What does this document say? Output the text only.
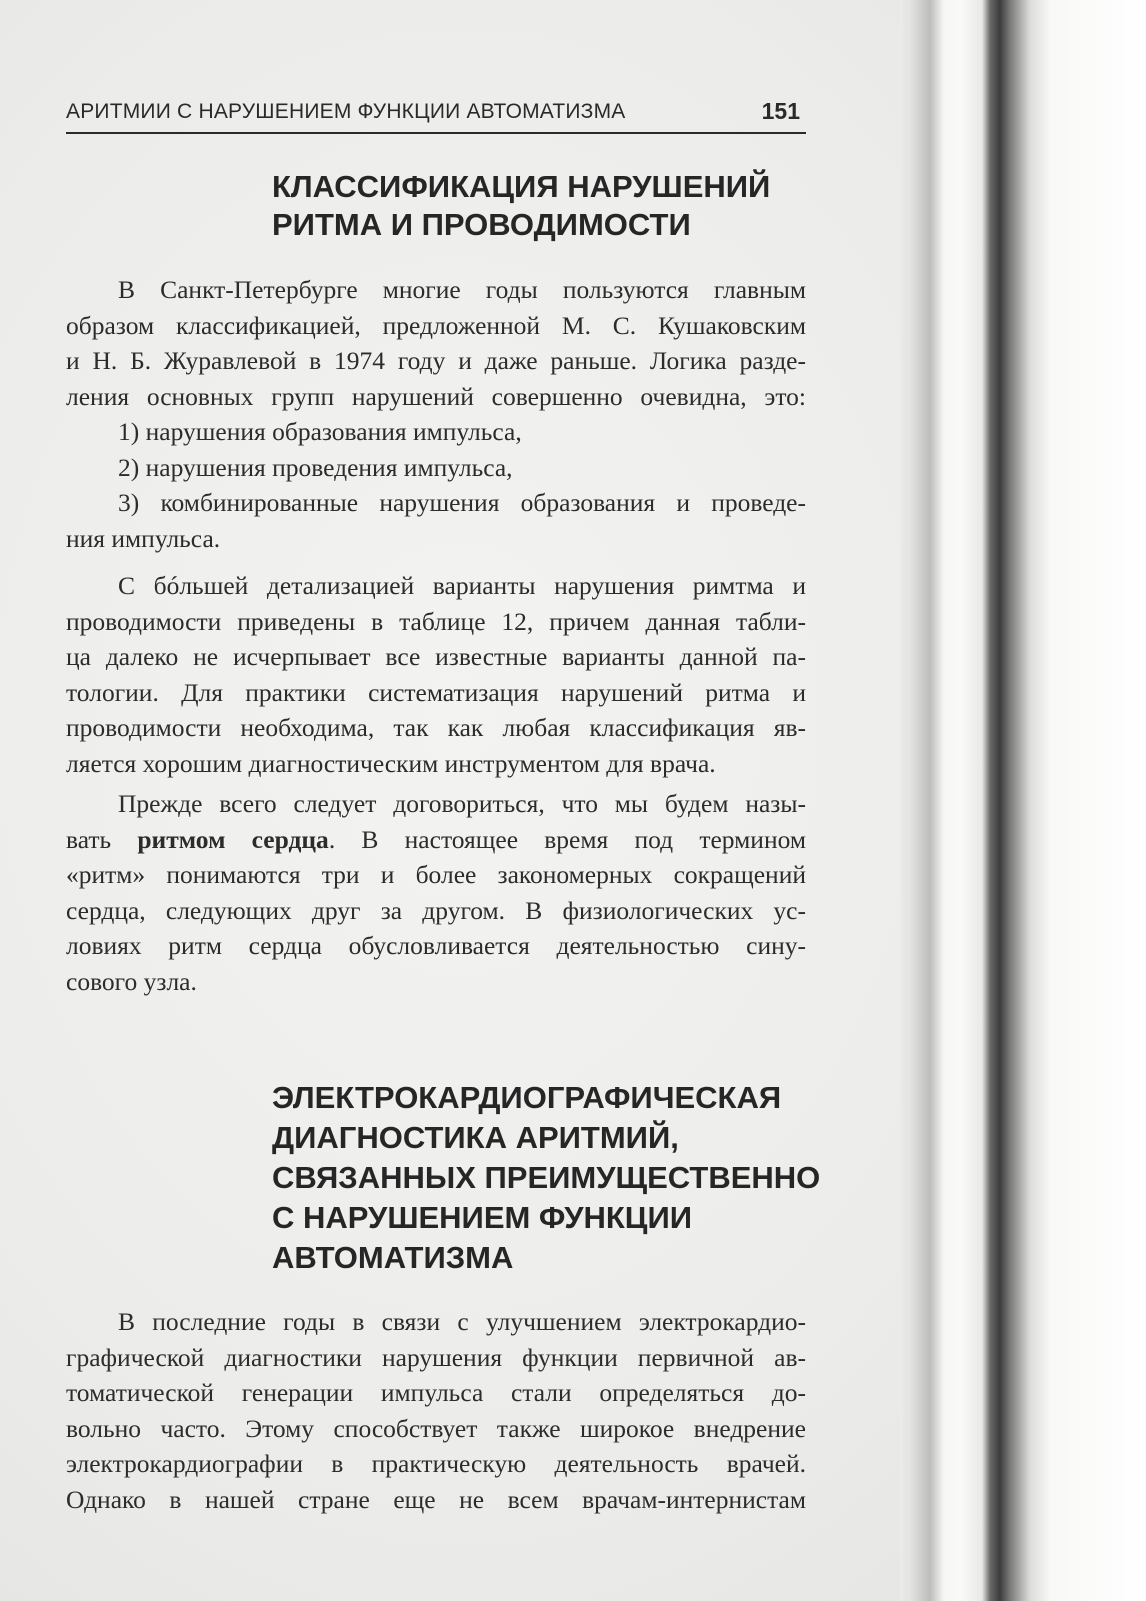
АРИТМИИ С НАРУШЕНИЕМ ФУНКЦИИ АВТОМАТИЗМА	151
КЛАССИФИКАЦИЯ НАРУШЕНИЙ
РИТМА И ПРОВОДИМОСТИ

В Санкт-Петербурге многие годы пользуются главным
образом классификацией, предложенной М. С. Кушаковским
и Н. Б. Журавлевой в 1974 году и даже раньше. Логика разде-
ления основных групп нарушений совершенно очевидна, это:
1) нарушения образования импульса,
2) нарушения проведения импульса,
3) комбинированные нарушения образования и проведе-
ния импульса.

С бóльшей детализацией варианты нарушения римтма и
проводимости приведены в таблице 12, причем данная табли-
ца далеко не исчерпывает все известные варианты данной па-
тологии. Для практики систематизация нарушений ритма и
проводимости необходима, так как любая классификация яв-
ляется хорошим диагностическим инструментом для врача.

Прежде всего следует договориться, что мы будем назы-
вать ритмом сердца. В настоящее время под термином
«ритм» понимаются три и более закономерных сокращений
сердца, следующих друг за другом. В физиологических ус-
ловиях ритм сердца обусловливается деятельностью сину-
сового узла.

ЭЛЕКТРОКАРДИОГРАФИЧЕСКАЯ
ДИАГНОСТИКА АРИТМИЙ,
СВЯЗАННЫХ ПРЕИМУЩЕСТВЕННО
С НАРУШЕНИЕМ ФУНКЦИИ
АВТОМАТИЗМА

В последние годы в связи с улучшением электрокардио-
графической диагностики нарушения функции первичной ав-
томатической генерации импульса стали определяться до-
вольно часто. Этому способствует также широкое внедрение
электрокардиографии в практическую деятельность врачей.
Однако в нашей стране еще не всем врачам-интернистам
